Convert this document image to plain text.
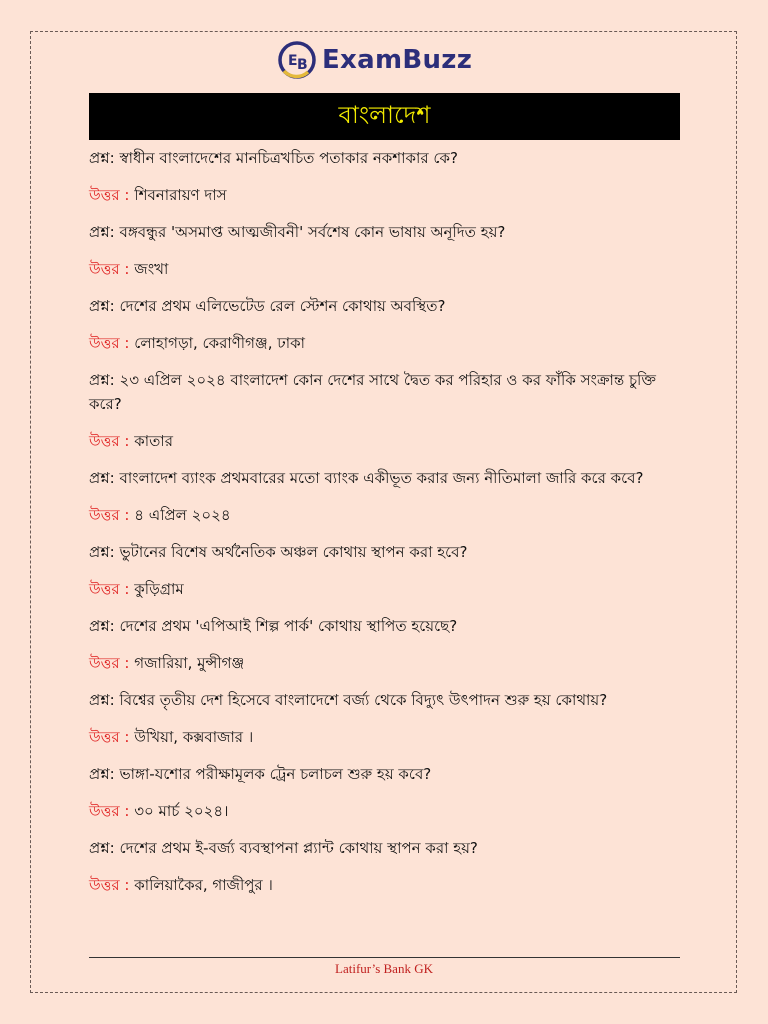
E B ExamBuzz
বাংলাদেশ
প্রশ্ন: স্বাধীন বাংলাদেশের মানচিত্রখচিত পতাকার নকশাকার কে?
উত্তর : শিবনারায়ণ দাস
প্রশ্ন: বঙ্গবন্ধুর 'অসমাপ্ত আত্মজীবনী' সর্বশেষ কোন ভাষায় অনূদিত হয়?
উত্তর : জংখা
প্রশ্ন: দেশের প্রথম এলিভেটেড রেল স্টেশন কোথায় অবস্থিত?
উত্তর : লোহাগড়া, কেরাণীগঞ্জ, ঢাকা
প্রশ্ন: ২৩ এপ্রিল ২০২৪ বাংলাদেশ কোন দেশের সাথে দ্বৈত কর পরিহার ও কর ফাঁকি সংক্রান্ত চুক্তি করে?
উত্তর : কাতার
প্রশ্ন: বাংলাদেশ ব্যাংক প্রথমবারের মতো ব্যাংক একীভূত করার জন্য নীতিমালা জারি করে কবে?
উত্তর : ৪ এপ্রিল ২০২৪
প্রশ্ন: ভুটানের বিশেষ অর্থনৈতিক অঞ্চল কোথায় স্থাপন করা হবে?
উত্তর : কুড়িগ্রাম
প্রশ্ন: দেশের প্রথম 'এপিআই শিল্প পার্ক' কোথায় স্থাপিত হয়েছে?
উত্তর : গজারিয়া, মুন্সীগঞ্জ
প্রশ্ন: বিশ্বের তৃতীয় দেশ হিসেবে বাংলাদেশে বর্জ্য থেকে বিদ্যুৎ উৎপাদন শুরু হয় কোথায়?
উত্তর : উখিয়া, কক্সবাজার ।
প্রশ্ন: ভাঙ্গা-যশোর পরীক্ষামূলক ট্রেন চলাচল শুরু হয় কবে?
উত্তর : ৩০ মার্চ ২০২৪।
প্রশ্ন: দেশের প্রথম ই-বর্জ্য ব্যবস্থাপনা প্ল্যান্ট কোথায় স্থাপন করা হয়?
উত্তর : কালিয়াকৈর, গাজীপুর ।
Latifur’s Bank GK
